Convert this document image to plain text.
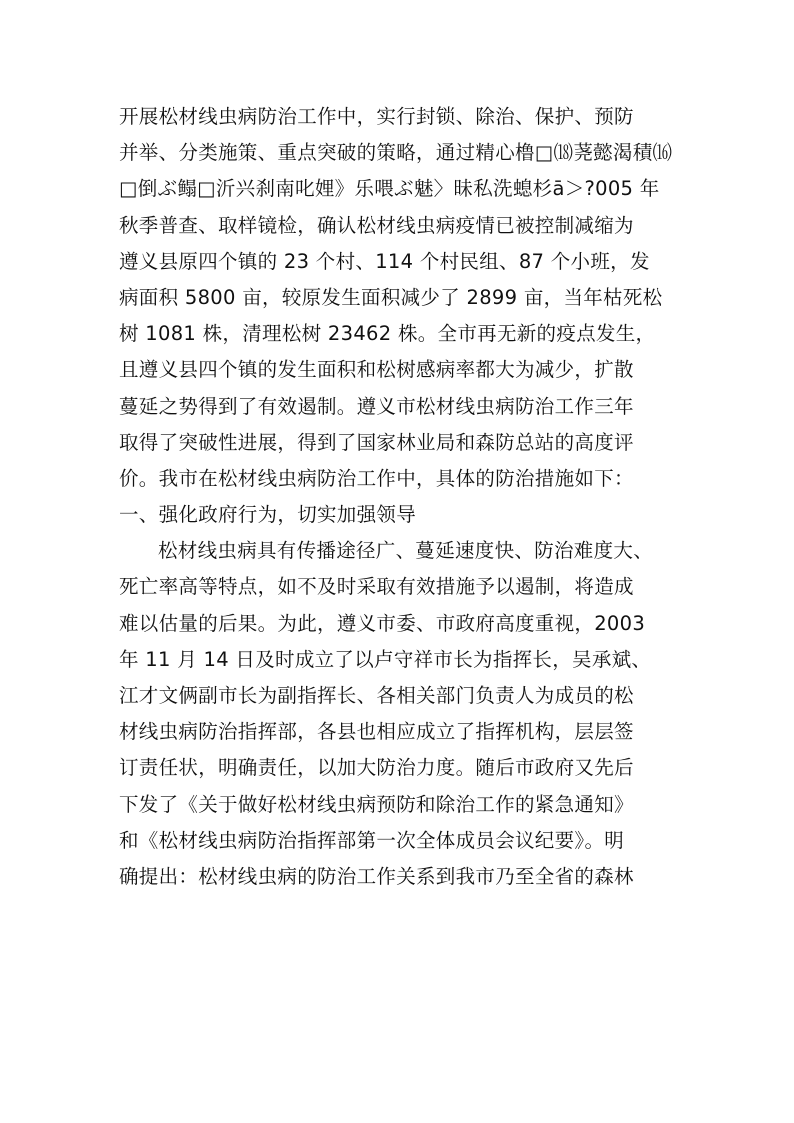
开展松材线虫病防治工作中，实行封锁、除治、保护、预防
并举、分类施策、重点突破的策略，通过精心橹□⒅荛懿渴積⒃
□倒ぶ鳎□沂兴刹南叱娌》乐喂ぶ魅〉昧私洗螅杉ā＞?005 年
秋季普查、取样镜检，确认松材线虫病疫情已被控制减缩为
遵义县原四个镇的 23 个村、114 个村民组、87 个小班，发
病面积 5800 亩，较原发生面积减少了 2899 亩，当年枯死松
树 1081 株，清理松树 23462 株。全市再无新的疫点发生，
且遵义县四个镇的发生面积和松树感病率都大为减少，扩散
蔓延之势得到了有效遏制。遵义市松材线虫病防治工作三年
取得了突破性进展，得到了国家林业局和森防总站的高度评
价。我市在松材线虫病防治工作中，具体的防治措施如下：
一、强化政府行为，切实加强领导
松材线虫病具有传播途径广、蔓延速度快、防治难度大、
死亡率高等特点，如不及时采取有效措施予以遏制，将造成
难以估量的后果。为此，遵义市委、市政府高度重视，2003
年 11 月 14 日及时成立了以卢守祥市长为指挥长，吴承斌、
江才文俩副市长为副指挥长、各相关部门负责人为成员的松
材线虫病防治指挥部，各县也相应成立了指挥机构，层层签
订责任状，明确责任，以加大防治力度。随后市政府又先后
下发了《关于做好松材线虫病预防和除治工作的紧急通知》
和《松材线虫病防治指挥部第一次全体成员会议纪要》。明
确提出：松材线虫病的防治工作关系到我市乃至全省的森林
